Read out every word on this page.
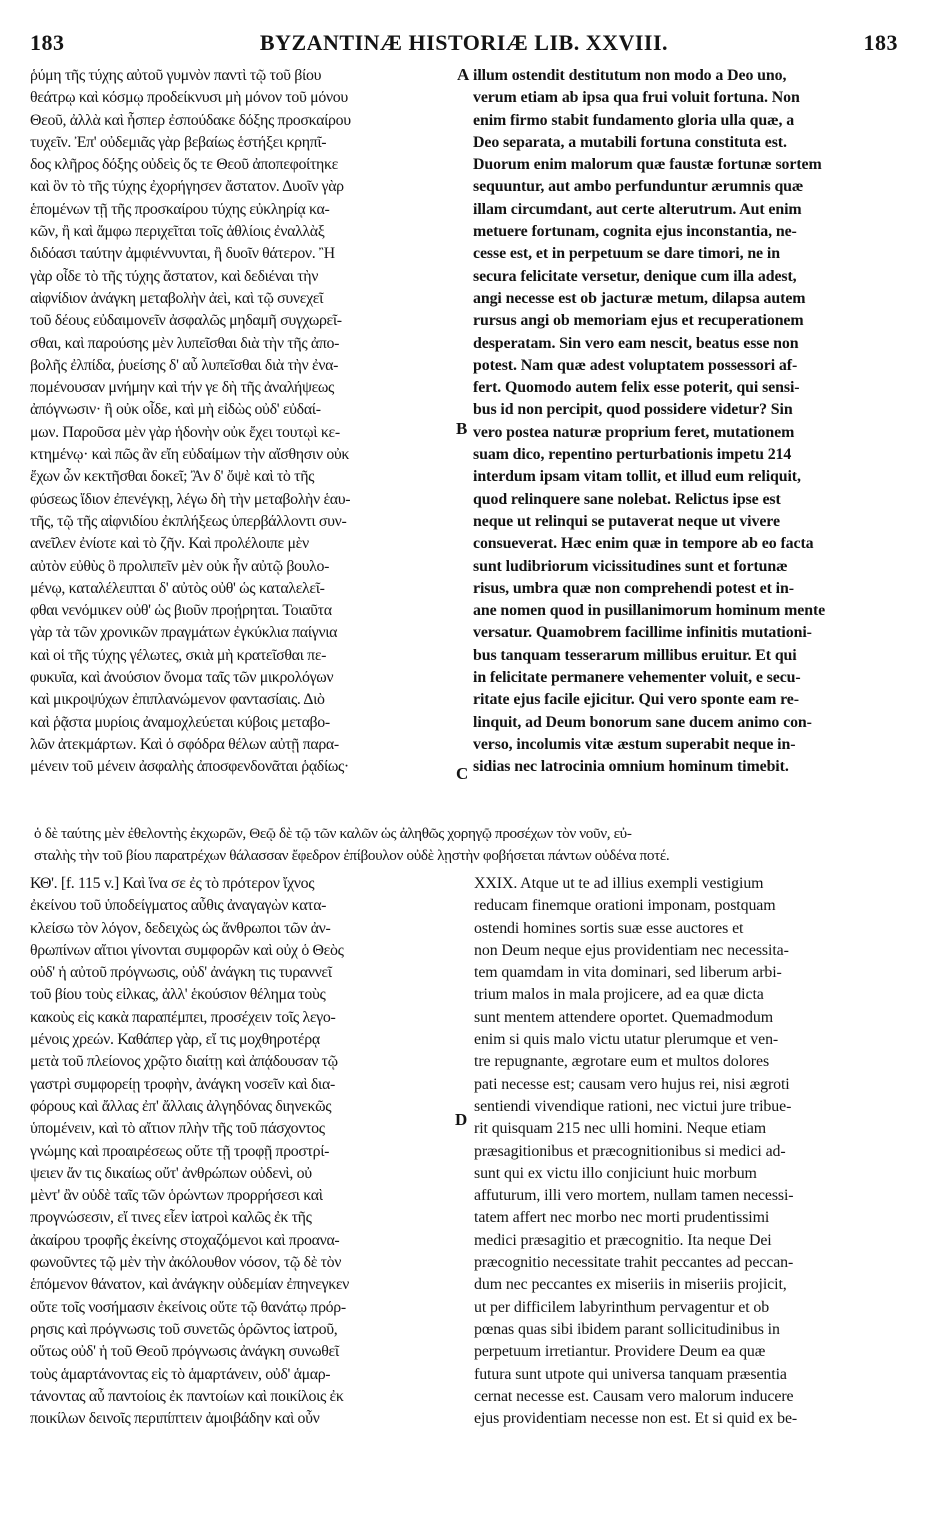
183	BYZANTINÆ HISTORIÆ LIB. XXVIII.	183
ῥύμη τῆς τύχης αὐτοῦ γυμνὸν παντὶ τῷ τοῦ βίου
θεάτρῳ καὶ κόσμῳ προδείκνυσι μὴ μόνον τοῦ μόνου
Θεοῦ, ἀλλὰ καὶ ἧσπερ ἐσπούδακε δόξης προσκαίρου
τυχεῖν. Ἐπ' οὐδεμιᾶς γὰρ βεβαίως ἑστήξει κρηπῖ-
δος κλῆρος δόξης οὐδεὶς ὅς τε Θεοῦ ἀποπεφοίτηκε
καὶ ὃν τὸ τῆς τύχης ἐχορήγησεν ἄστατον. Δυοῖν γὰρ
ἑπομένων τῇ τῆς προσκαίρου τύχης εὐκληρίᾳ κα-
κῶν, ἢ καὶ ἄμφω περιχεῖται τοῖς ἀθλίοις ἐναλλὰξ
διδόασι ταύτην ἀμφιέννυνται, ἢ δυοῖν θάτερον. Ἢ
γὰρ οἶδε τὸ τῆς τύχης ἄστατον, καὶ δεδιέναι τὴν
αἰφνίδιον ἀνάγκη μεταβολὴν ἀεὶ, καὶ τῷ συνεχεῖ
τοῦ δέους εὐδαιμονεῖν ἀσφαλῶς μηδαμῆ συγχωρεῖ-
σθαι, καὶ παρούσης μὲν λυπεῖσθαι διὰ τὴν τῆς ἀπο-
βολῆς ἐλπίδα, ῥυείσης δ' αὖ λυπεῖσθαι διὰ τὴν ἐνα-
πομένουσαν μνήμην καὶ τήν γε δὴ τῆς ἀναλήψεως
ἀπόγνωσιν· ἢ οὐκ οἶδε, καὶ μὴ εἰδὼς οὐδ' εὐδαί-
μων. Παροῦσα μὲν γὰρ ἡδονὴν οὐκ ἔχει τουτῳὶ κε-
κτημένῳ· καὶ πῶς ἂν εἴη εὐδαίμων τὴν αἴσθησιν οὐκ
ἔχων ὧν κεκτῆσθαι δοκεῖ; Ἂν δ' ὄψὲ καὶ τὸ τῆς
φύσεως ἴδιον ἐπενέγκῃ, λέγω δὴ τὴν μεταβολὴν ἑαυ-
τῆς, τῷ τῆς αἰφνιδίου ἐκπλήξεως ὑπερβάλλοντι συν-
ανεῖλεν ἐνίοτε καὶ τὸ ζῆν. Καὶ προλέλοιπε μὲν
αὐτὸν εὐθὺς ὃ προλιπεῖν μὲν οὐκ ἦν αὐτῷ βουλο-
μένῳ, καταλέλειπται δ' αὐτὸς οὐθ' ὡς καταλελεῖ-
φθαι νενόμικεν οὐθ' ὡς βιοῦν προῄρηται. Τοιαῦτα
γὰρ τὰ τῶν χρονικῶν πραγμάτων ἐγκύκλια παίγνια
καὶ οἱ τῆς τύχης γέλωτες, σκιὰ μὴ κρατεῖσθαι πε-
φυκυῖα, καὶ ἀνούσιον ὄνομα ταῖς τῶν μικρολόγων
καὶ μικροψύχων ἐπιπλανώμενον φαντασίαις. Διὸ
καὶ ῥᾷστα μυρίοις ἀναμοχλεύεται κύβοις μεταβο-
λῶν ἀτεκμάρτων. Καὶ ὁ σφόδρα θέλων αὐτῇ παρα-
μένειν τοῦ μένειν ἀσφαλὴς ἀποσφενδονᾶται ῥᾳδίως·
illum ostendit destitutum non modo a Deo uno,
verum etiam ab ipsa qua frui voluit fortuna. Non
enim firmo stabit fundamento gloria ulla quæ, a
Deo separata, a mutabili fortuna constituta est.
Duorum enim malorum quæ faustæ fortunæ sortem
sequuntur, aut ambo perfunduntur ærumnis quæ
illam circumdant, aut certe alterutrum. Aut enim
metuere fortunam, cognita ejus inconstantia, ne-
cesse est, et in perpetuum se dare timori, ne in
secura felicitate versetur, denique cum illa adest,
angi necesse est ob jacturæ metum, dilapsa autem
rursus angi ob memoriam ejus et recuperationem
desperatam. Sin vero eam nescit, beatus esse non
potest. Nam quæ adest voluptatem possessori af-
fert. Quomodo autem felix esse poterit, qui sensi-
bus id non percipit, quod possidere videtur? Sin
vero postea naturæ proprium feret, mutationem
suam dico, repentino perturbationis impetu 214
interdum ipsam vitam tollit, et illud eum reliquit,
quod relinquere sane nolebat. Relictus ipse est
neque ut relinqui se putaverat neque ut vivere
consueverat. Hæc enim quæ in tempore ab eo facta
sunt ludibriorum vicissitudines sunt et fortunæ
risus, umbra quæ non comprehendi potest et in-
ane nomen quod in pusillanimorum hominum mente
versatur. Quamobrem facillime infinitis mutationi-
bus tanquam tesserarum millibus eruitur. Et qui
in felicitate permanere vehementer voluit, e secu-
ritate ejus facile ejicitur. Qui vero sponte eam re-
linquit, ad Deum bonorum sane ducem animo con-
verso, incolumis vitæ æstum superabit neque in-
sidias nec latrocinia omnium hominum timebit.
ὁ δὲ ταύτης μὲν ἐθελοντὴς ἐκχωρῶν, Θεῷ δὲ τῷ τῶν καλῶν ὡς ἀληθῶς χορηγῷ προσέχων τὸν νοῦν, εὐ-
σταλὴς τὴν τοῦ βίου παρατρέχων θάλασσαν ἔφεδρον ἐπίβουλον οὐδὲ λῃστὴν φοβήσεται πάντων οὐδένα ποτέ.
ΚΘ'. [f. 115 v.] Καὶ ἵνα σε ἐς τὸ πρότερον ἴχνος
ἐκείνου τοῦ ὑποδείγματος αὖθις ἀναγαγὼν κατα-
κλείσω τὸν λόγον, δεδειχὼς ὡς ἄνθρωποι τῶν ἀν-
θρωπίνων αἴτιοι γίνονται συμφορῶν καὶ οὐχ ὁ Θεὸς
οὐδ' ἡ αὐτοῦ πρόγνωσις, οὐδ' ἀνάγκη τις τυραννεῖ
τοῦ βίου τοὺς εἱλκας, ἀλλ' ἑκούσιον θέλημα τοὺς
κακοὺς εἰς κακὰ παραπέμπει, προσέχειν τοῖς λεγο-
μένοις χρεών. Καθάπερ γὰρ, εἴ τις μοχθηροτέρᾳ
μετὰ τοῦ πλείονος χρῷτο διαίτῃ καὶ ἀπᾴδουσαν τῷ
γαστρὶ συμφορείῃ τροφὴν, ἀνάγκη νοσεῖν καὶ δια-
φόρους καὶ ἄλλας ἐπ' ἄλλαις ἀλγηδόνας διηνεκῶς
ὑπομένειν, καὶ τὸ αἴτιον πλὴν τῆς τοῦ πάσχοντος
γνώμης καὶ προαιρέσεως οὔτε τῇ τροφῇ προστρί-
ψειεν ἄν τις δικαίως οὔτ' ἀνθρώπων οὐδενὶ, οὐ
μὲντ' ἂν οὐδὲ ταῖς τῶν ὁρώντων προρρήσεσι καὶ
προγνώσεσιν, εἴ τινες εἶεν ἰατροὶ καλῶς ἐκ τῆς
ἀκαίρου τροφῆς ἐκείνης στοχαζόμενοι καὶ προανα-
φωνοῦντες τῷ μὲν τὴν ἀκόλουθον νόσον, τῷ δὲ τὸν
ἑπόμενον θάνατον, καὶ ἀνάγκην οὐδεμίαν ἐπηνεγκεν
οὔτε τοῖς νοσήμασιν ἐκείνοις οὔτε τῷ θανάτῳ πρόρ-
ρησις καὶ πρόγνωσις τοῦ συνετῶς ὁρῶντος ἰατροῦ,
οὕτως οὐδ' ἡ τοῦ Θεοῦ πρόγνωσις ἀνάγκη συνωθεῖ
τοὺς ἁμαρτάνοντας εἰς τὸ ἁμαρτάνειν, οὐδ' ἁμαρ-
τάνοντας αὖ παντοίοις ἐκ παντοίων καὶ ποικίλοις ἐκ
ποικίλων δεινοῖς περιπίπτειν ἀμοιβάδην καὶ οὖν
XXIX. Atque ut te ad illius exempli vestigium
reducam finemque orationi imponam, postquam
ostendi homines sortis suæ esse auctores et
non Deum neque ejus providentiam nec necessita-
tem quamdam in vita dominari, sed liberum arbi-
trium malos in mala projicere, ad ea quæ dicta
sunt mentem attendere oportet. Quemadmodum
enim si quis malo victu utatur plerumque et ven-
tre repugnante, ægrotare eum et multos dolores
pati necesse est; causam vero hujus rei, nisi ægroti
sentiendi vivendique rationi, nec victui jure tribue-
rit quisquam 215 nec ulli homini. Neque etiam
præsagitionibus et præcognitionibus si medici ad-
sunt qui ex victu illo conjiciunt huic morbum
affuturum, illi vero mortem, nullam tamen necessi-
tatem affert nec morbo nec morti prudentissimi
medici præsagitio et præcognitio. Ita neque Dei
præcognitio necessitate trahit peccantes ad peccan-
dum nec peccantes ex miseriis in miseriis projicit,
ut per difficilem labyrinthum pervagentur et ob
pœnas quas sibi ibidem parant sollicitudinibus in
perpetuum irretiantur. Providere Deum ea quæ
futura sunt utpote qui universa tanquam præsentia
cernat necesse est. Causam vero malorum inducere
ejus providentiam necesse non est. Et si quid ex be-
A
B
C
D
